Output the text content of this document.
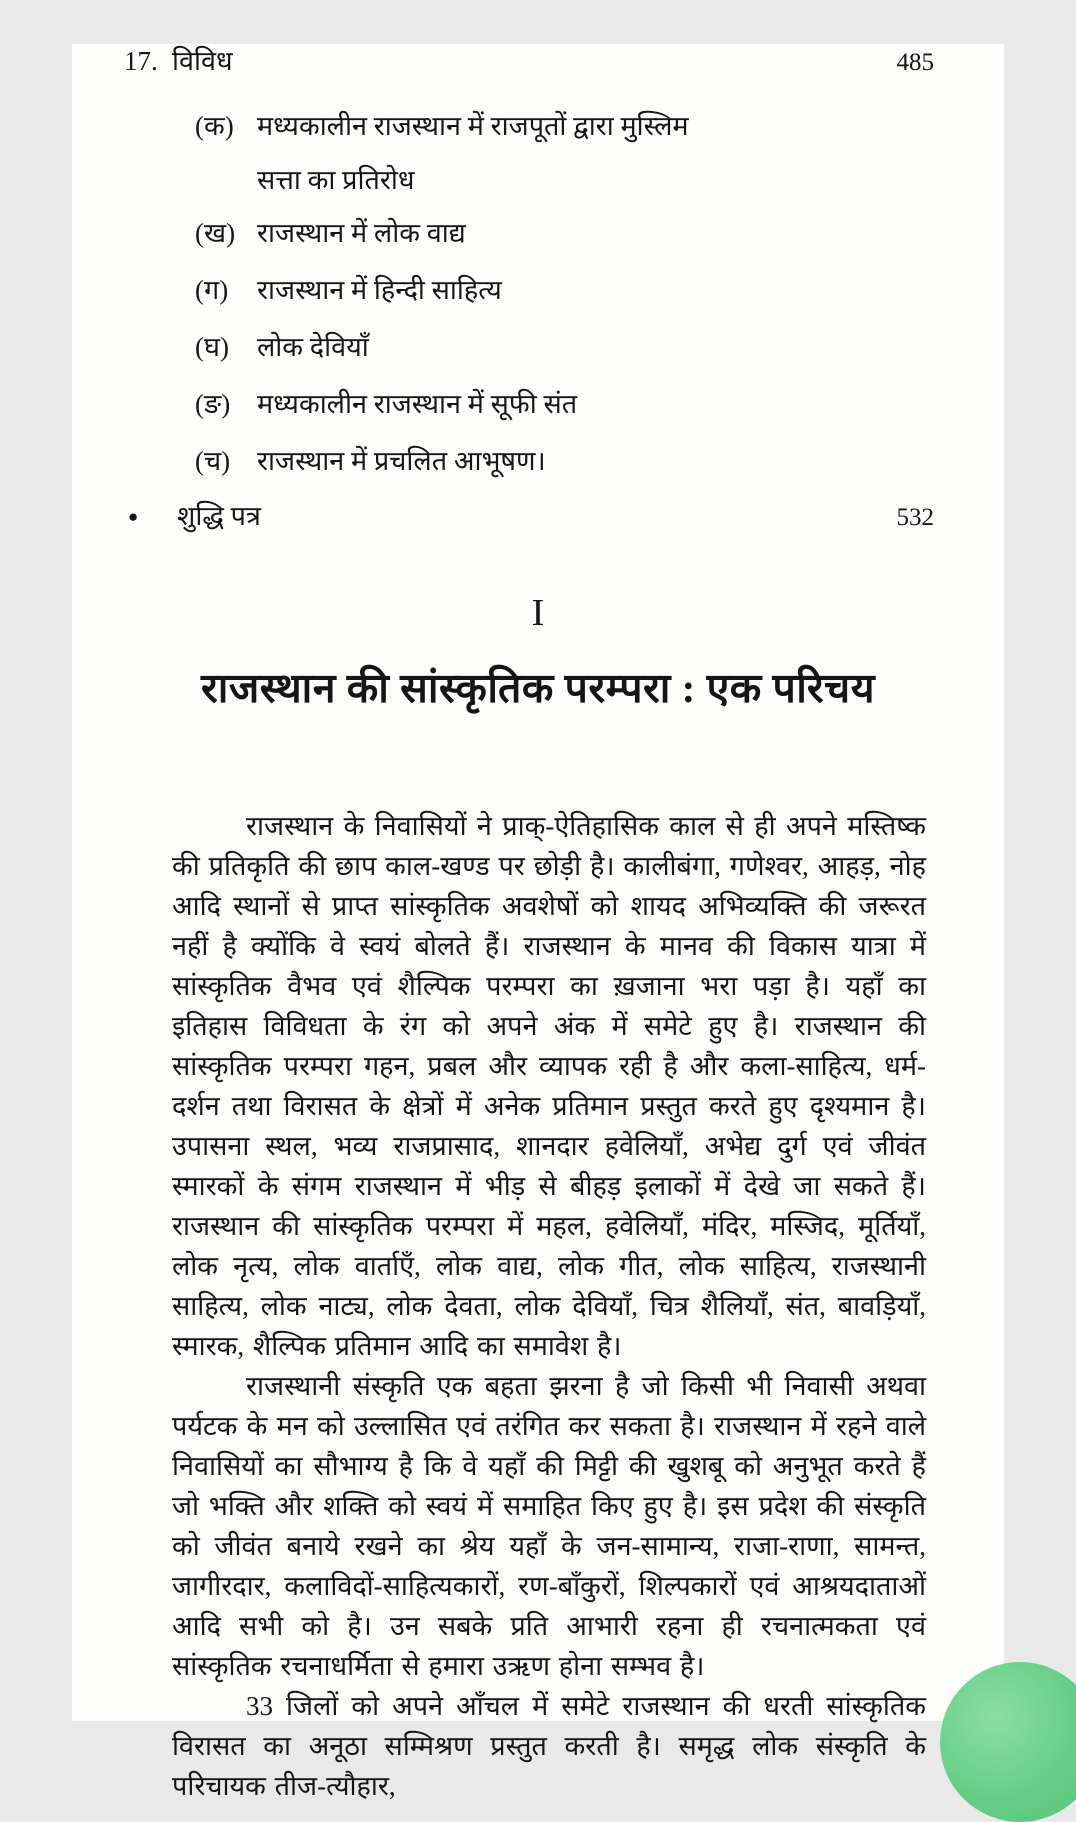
17. विविध	485
(क) मध्यकालीन राजस्थान में राजपूतों द्वारा मुस्लिम
सत्ता का प्रतिरोध
(ख) राजस्थान में लोक वाद्य
(ग)	राजस्थान में हिन्दी साहित्य
(घ)	लोक देवियाँ
(ङ) मध्यकालीन राजस्थान में सूफी संत
(च) राजस्थान में प्रचलित आभूषण।
●	शुद्धि पत्र	532
I
राजस्थान की सांस्कृतिक परम्परा : एक परिचय

राजस्थान के निवासियों ने प्राक्-ऐतिहासिक काल से ही अपने मस्तिष्क की प्रतिकृति की छाप काल-खण्ड पर छोड़ी है। कालीबंगा, गणेश्वर, आहड़, नोह आदि स्थानों से प्राप्त सांस्कृतिक अवशेषों को शायद अभिव्यक्ति की जरूरत नहीं है क्योंकि वे स्वयं बोलते हैं। राजस्थान के मानव की विकास यात्रा में सांस्कृतिक वैभव एवं शैल्पिक परम्परा का ख़जाना भरा पड़ा है। यहाँ का इतिहास विविधता के रंग को अपने अंक में समेटे हुए है। राजस्थान की सांस्कृतिक परम्परा गहन, प्रबल और व्यापक रही है और कला-साहित्य, धर्म-दर्शन तथा विरासत के क्षेत्रों में अनेक प्रतिमान प्रस्तुत करते हुए दृश्यमान है। उपासना स्थल, भव्य राजप्रासाद, शानदार हवेलियाँ, अभेद्य दुर्ग एवं जीवंत स्मारकों के संगम राजस्थान में भीड़ से बीहड़ इलाकों में देखे जा सकते हैं। राजस्थान की सांस्कृतिक परम्परा में महल, हवेलियाँ, मंदिर, मस्जिद, मूर्तियाँ, लोक नृत्य, लोक वार्ताएँ, लोक वाद्य, लोक गीत, लोक साहित्य, राजस्थानी साहित्य, लोक नाट्य, लोक देवता, लोक देवियाँ, चित्र शैलियाँ, संत, बावड़ियाँ, स्मारक, शैल्पिक प्रतिमान आदि का समावेश है।

राजस्थानी संस्कृति एक बहता झरना है जो किसी भी निवासी अथवा पर्यटक के मन को उल्लासित एवं तरंगित कर सकता है। राजस्थान में रहने वाले निवासियों का सौभाग्य है कि वे यहाँ की मिट्टी की खुशबू को अनुभूत करते हैं जो भक्ति और शक्ति को स्वयं में समाहित किए हुए है। इस प्रदेश की संस्कृति को जीवंत बनाये रखने का श्रेय यहाँ के जन-सामान्य, राजा-राणा, सामन्त, जागीरदार, कलाविदों-साहित्यकारों, रण-बाँकुरों, शिल्पकारों एवं आश्रयदाताओं आदि सभी को है। उन सबके प्रति आभारी रहना ही रचनात्मकता एवं सांस्कृतिक रचनाधर्मिता से हमारा उऋण होना सम्भव है।

33 जिलों को अपने आँचल में समेटे राजस्थान की धरती सांस्कृतिक विरासत का अनूठा सम्मिश्रण प्रस्तुत करती है। समृद्ध लोक संस्कृति के परिचायक तीज-त्यौहार,
